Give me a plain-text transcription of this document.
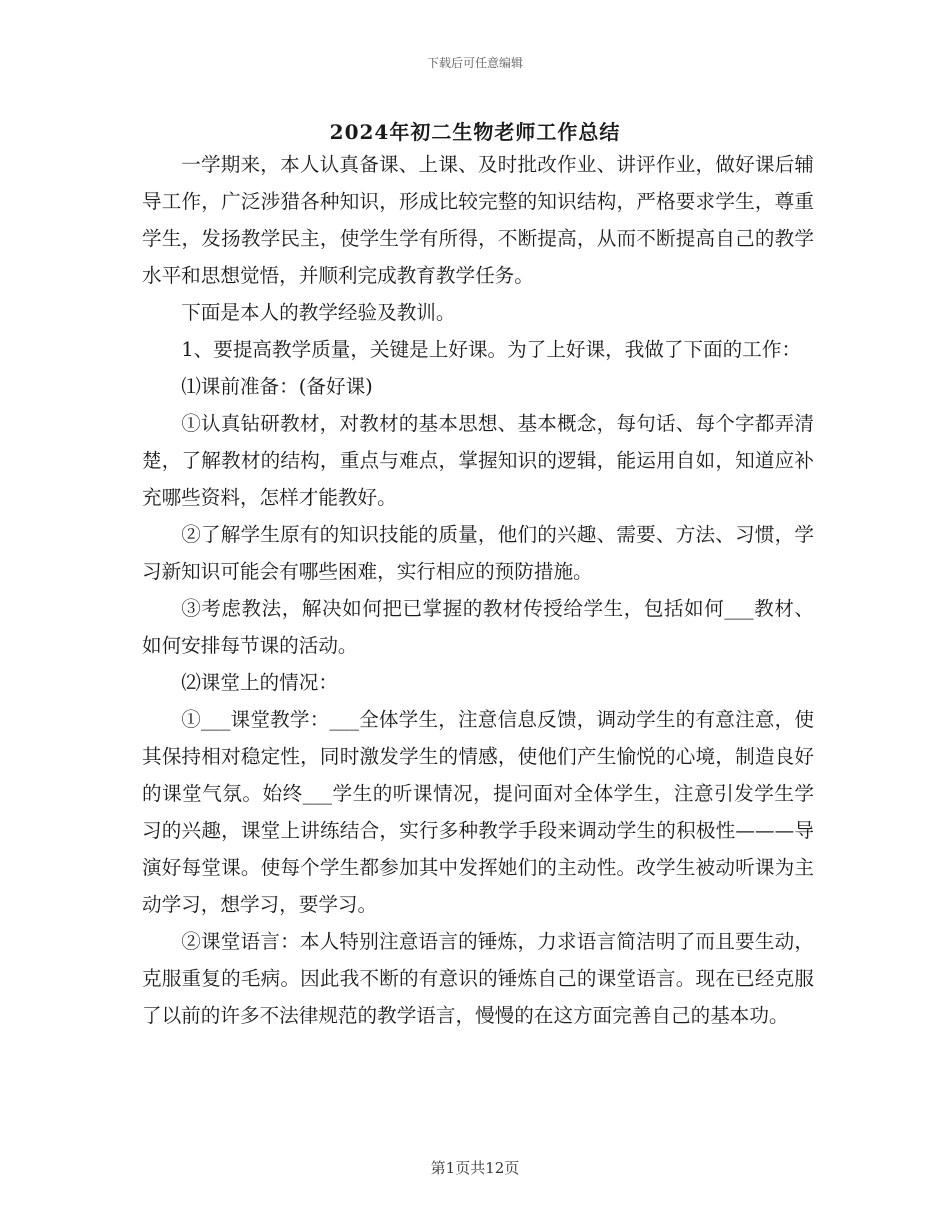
下载后可任意编辑
2024年初二生物老师工作总结

一学期来，本人认真备课、上课、及时批改作业、讲评作业，做好课后辅导工作，广泛涉猎各种知识，形成比较完整的知识结构，严格要求学生，尊重学生，发扬教学民主，使学生学有所得，不断提高，从而不断提高自己的教学水平和思想觉悟，并顺利完成教育教学任务。

下面是本人的教学经验及教训。

1、要提高教学质量，关键是上好课。为了上好课，我做了下面的工作：

⑴课前准备：(备好课)

①认真钻研教材，对教材的基本思想、基本概念，每句话、每个字都弄清楚，了解教材的结构，重点与难点，掌握知识的逻辑，能运用自如，知道应补充哪些资料，怎样才能教好。

②了解学生原有的知识技能的质量，他们的兴趣、需要、方法、习惯，学习新知识可能会有哪些困难，实行相应的预防措施。

③考虑教法，解决如何把已掌握的教材传授给学生，包括如何___教材、如何安排每节课的活动。

⑵课堂上的情况：

①___课堂教学：___全体学生，注意信息反馈，调动学生的有意注意，使其保持相对稳定性，同时激发学生的情感，使他们产生愉悦的心境，制造良好的课堂气氛。始终___学生的听课情况，提问面对全体学生，注意引发学生学习的兴趣，课堂上讲练结合，实行多种教学手段来调动学生的积极性———导演好每堂课。使每个学生都参加其中发挥她们的主动性。改学生被动听课为主动学习，想学习，要学习。

②课堂语言：本人特别注意语言的锤炼，力求语言简洁明了而且要生动，克服重复的毛病。因此我不断的有意识的锤炼自己的课堂语言。现在已经克服了以前的许多不法律规范的教学语言，慢慢的在这方面完善自己的基本功。

第1页共12页
